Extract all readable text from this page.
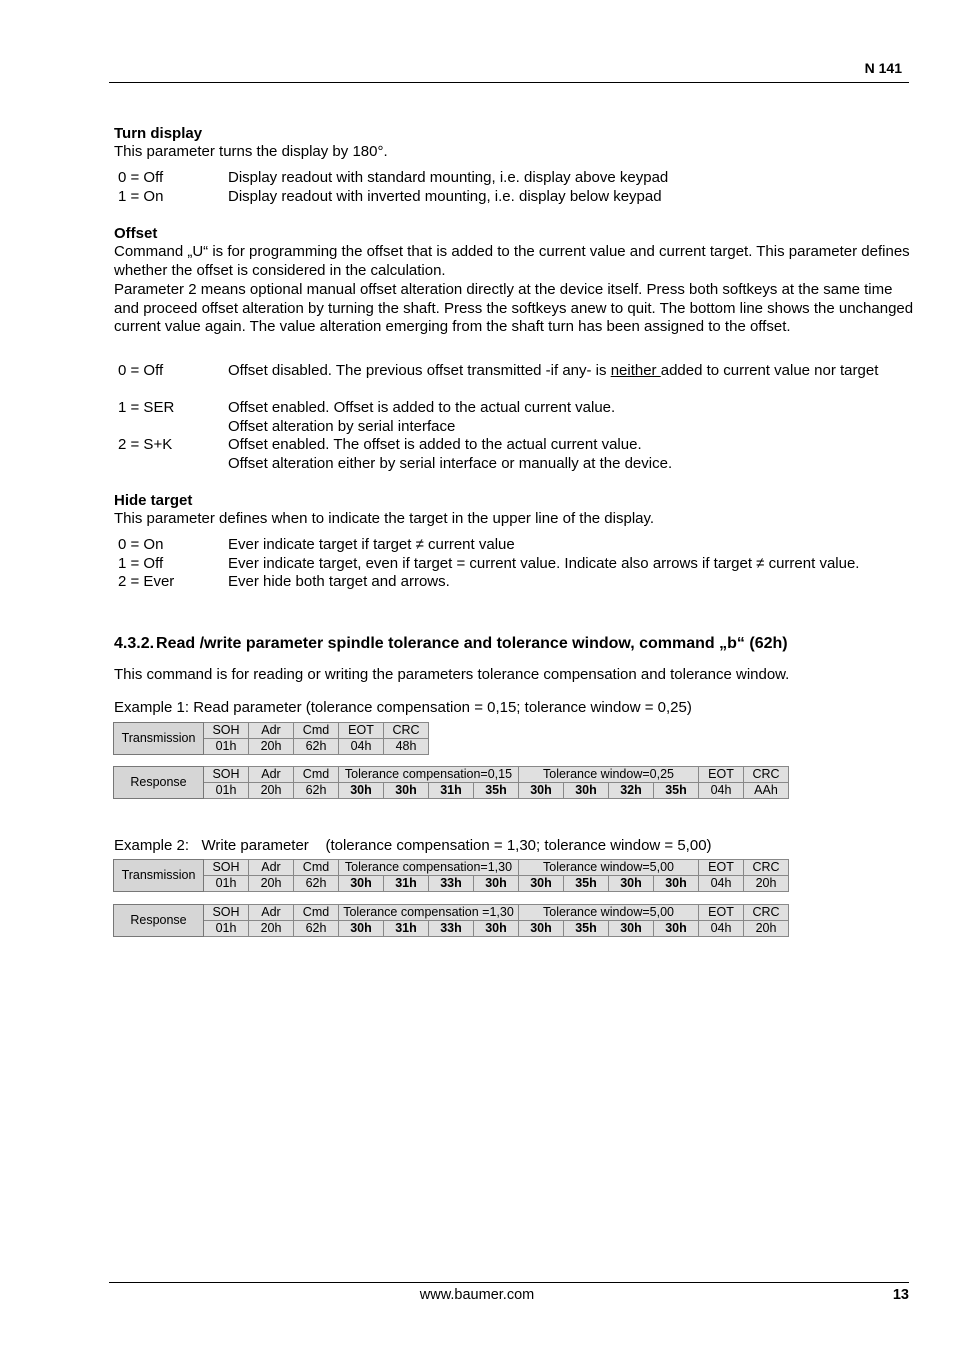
N 141
Turn display
This parameter turns the display by 180°.
0 = Off	Display readout with standard mounting, i.e. display above keypad
1 = On	Display readout with inverted mounting, i.e. display below keypad
Offset
Command „U“ is for programming the offset that is added to the current value and current target. This parameter defines whether the offset is considered in the calculation.
Parameter 2 means optional manual offset alteration directly at the device itself. Press both softkeys at the same time and proceed offset alteration by turning the shaft. Press the softkeys anew to quit. The bottom line shows the unchanged current value again. The value alteration emerging from the shaft turn has been assigned to the offset.
0 = Off	Offset disabled. The previous offset transmitted -if any- is neither added to current value nor target
1 = SER	Offset enabled. Offset is added to the actual current value.
Offset alteration by serial interface
2 = S+K	Offset enabled. The offset is added to the actual current value.
Offset alteration either by serial interface or manually at the device.
Hide target
This parameter defines when to indicate the target in the upper line of the display.
0 = On	Ever indicate target if target ≠ current value
1 = Off	Ever indicate target, even if target = current value. Indicate also arrows if target ≠ current value.
2 = Ever	Ever hide both target and arrows.
4.3.2. Read /write parameter spindle tolerance and tolerance window, command „b“ (62h)
This command is for reading or writing the parameters tolerance compensation and tolerance window.
Example 1: Read parameter (tolerance compensation = 0,15; tolerance window = 0,25)
Transmission	SOH	Adr	Cmd	EOT	CRC
	01h	20h	62h	04h	48h
Response	SOH	Adr	Cmd	Tolerance compensation=0,15				Tolerance window=0,25				EOT	CRC
	01h	20h	62h	30h	30h	31h	35h	30h	30h	32h	35h	04h	AAh
Example 2:   Write parameter    (tolerance compensation = 1,30; tolerance window = 5,00)
Transmission	SOH	Adr	Cmd	Tolerance compensation=1,30				Tolerance window=5,00				EOT	CRC
	01h	20h	62h	30h	31h	33h	30h	30h	35h	30h	30h	04h	20h
Response	SOH	Adr	Cmd	Tolerance compensation =1,30				Tolerance window=5,00				EOT	CRC
	01h	20h	62h	30h	31h	33h	30h	30h	35h	30h	30h	04h	20h
www.baumer.com	13
